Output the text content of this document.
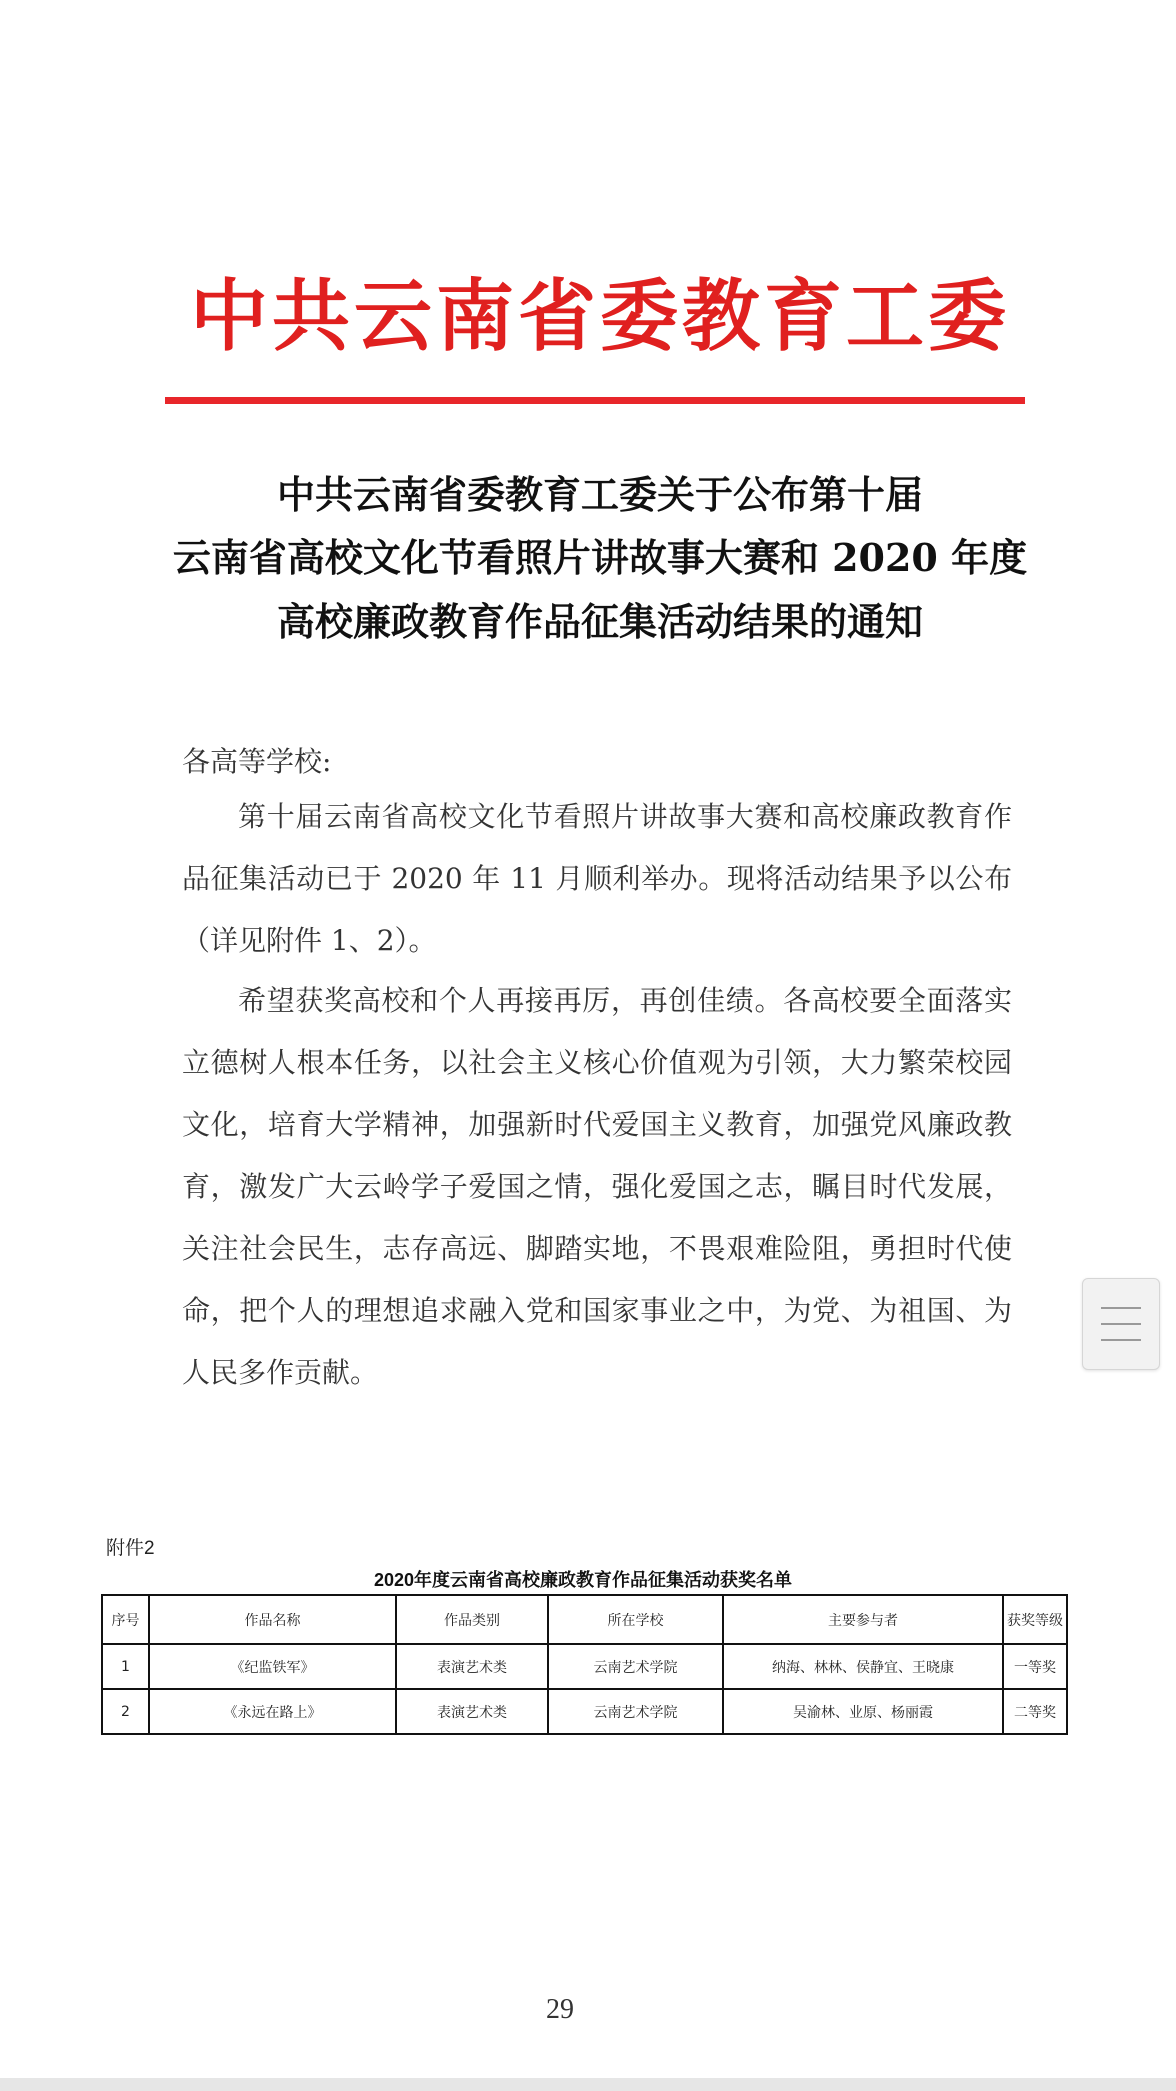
中共云南省委教育工委
中共云南省委教育工委关于公布第十届
云南省高校文化节看照片讲故事大赛和 2020 年度
高校廉政教育作品征集活动结果的通知
各高等学校:

第十届云南省高校文化节看照片讲故事大赛和高校廉政教育作品征集活动已于 2020 年 11 月顺利举办。现将活动结果予以公布（详见附件 1、2）。

希望获奖高校和个人再接再厉，再创佳绩。各高校要全面落实立德树人根本任务，以社会主义核心价值观为引领，大力繁荣校园文化，培育大学精神，加强新时代爱国主义教育，加强党风廉政教育，激发广大云岭学子爱国之情，强化爱国之志，瞩目时代发展，关注社会民生，志存高远、脚踏实地，不畏艰难险阻，勇担时代使命，把个人的理想追求融入党和国家事业之中，为党、为祖国、为人民多作贡献。

附件2
2020年度云南省高校廉政教育作品征集活动获奖名单
序号	作品名称	作品类别	所在学校	主要参与者	获奖等级
1	《纪监铁军》	表演艺术类	云南艺术学院	纳海、林林、侯静宜、王晓康	一等奖
2	《永远在路上》	表演艺术类	云南艺术学院	吴渝林、业原、杨丽霞	二等奖
29
